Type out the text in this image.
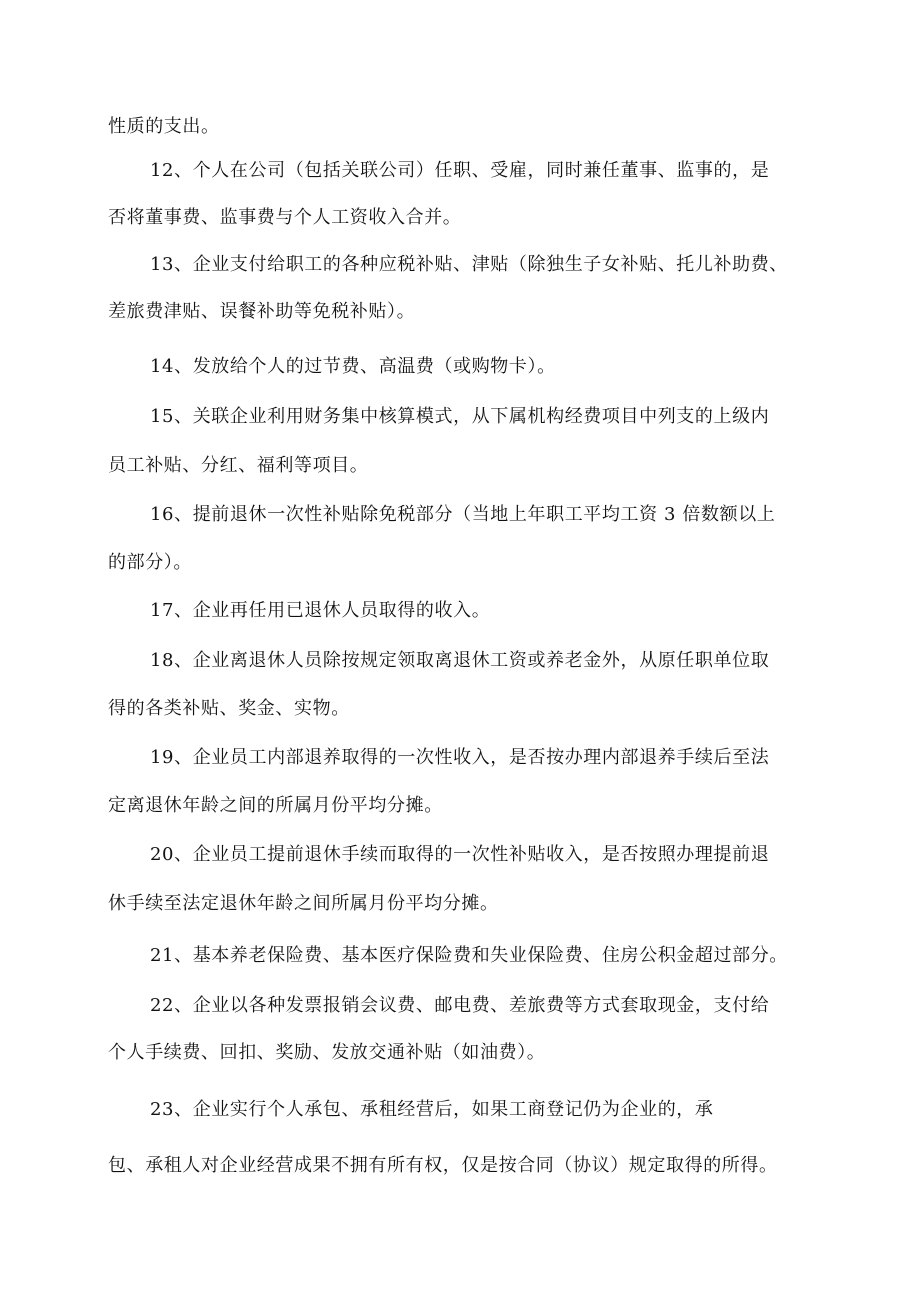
性质的支出。
12、个人在公司（包括关联公司）任职、受雇，同时兼任董事、监事的，是
否将董事费、监事费与个人工资收入合并。
13、企业支付给职工的各种应税补贴、津贴（除独生子女补贴、托儿补助费、
差旅费津贴、误餐补助等免税补贴）。
14、发放给个人的过节费、高温费（或购物卡）。
15、关联企业利用财务集中核算模式，从下属机构经费项目中列支的上级内
员工补贴、分红、福利等项目。
16、提前退休一次性补贴除免税部分（当地上年职工平均工资 3 倍数额以上
的部分）。
17、企业再任用已退休人员取得的收入。
18、企业离退休人员除按规定领取离退休工资或养老金外，从原任职单位取
得的各类补贴、奖金、实物。
19、企业员工内部退养取得的一次性收入，是否按办理内部退养手续后至法
定离退休年龄之间的所属月份平均分摊。
20、企业员工提前退休手续而取得的一次性补贴收入，是否按照办理提前退
休手续至法定退休年龄之间所属月份平均分摊。
21、基本养老保险费、基本医疗保险费和失业保险费、住房公积金超过部分。
22、企业以各种发票报销会议费、邮电费、差旅费等方式套取现金，支付给
个人手续费、回扣、奖励、发放交通补贴（如油费）。
23、企业实行个人承包、承租经营后，如果工商登记仍为企业的，承
包、承租人对企业经营成果不拥有所有权，仅是按合同（协议）规定取得的所得。
